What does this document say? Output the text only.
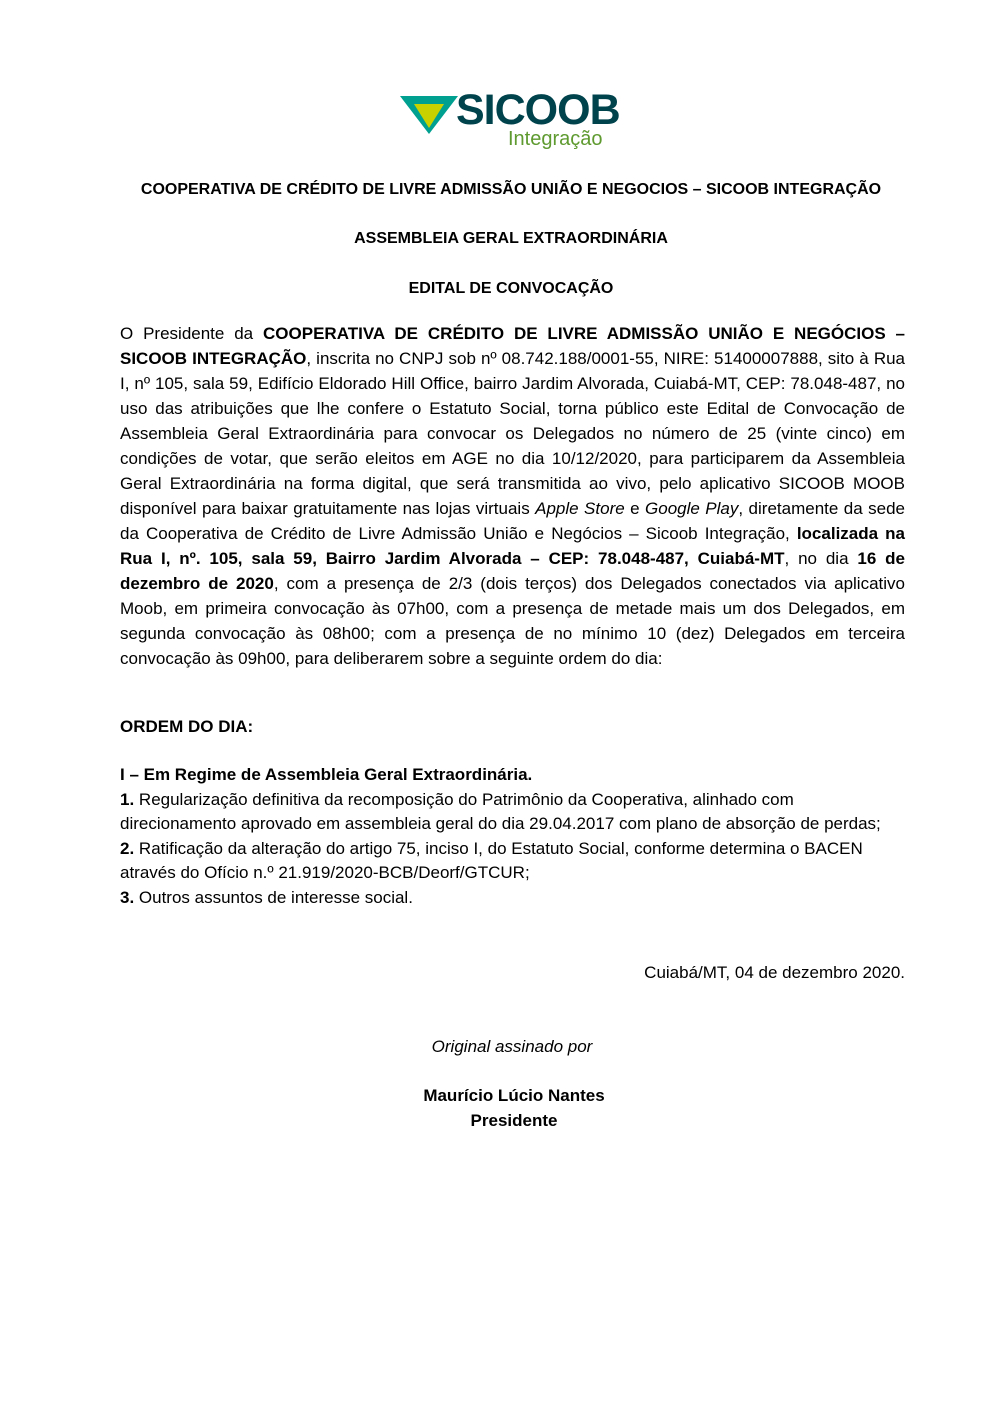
SICOOB
Integração
COOPERATIVA DE CRÉDITO DE LIVRE ADMISSÃO UNIÃO E NEGOCIOS – SICOOB INTEGRAÇÃO
ASSEMBLEIA GERAL EXTRAORDINÁRIA
EDITAL DE CONVOCAÇÃO
O Presidente da COOPERATIVA DE CRÉDITO DE LIVRE ADMISSÃO UNIÃO E NEGÓCIOS – SICOOB INTEGRAÇÃO, inscrita no CNPJ sob nº 08.742.188/0001-55, NIRE: 51400007888, sito à Rua I, nº 105, sala 59, Edifício Eldorado Hill Office, bairro Jardim Alvorada, Cuiabá-MT, CEP: 78.048-487, no uso das atribuições que lhe confere o Estatuto Social, torna público este Edital de Convocação de Assembleia Geral Extraordinária para convocar os Delegados no número de 25 (vinte cinco) em condições de votar, que serão eleitos em AGE no dia 10/12/2020, para participarem da Assembleia Geral Extraordinária na forma digital, que será transmitida ao vivo, pelo aplicativo SICOOB MOOB disponível para baixar gratuitamente nas lojas virtuais Apple Store e Google Play, diretamente da sede da Cooperativa de Crédito de Livre Admissão União e Negócios – Sicoob Integração, localizada na Rua I, nº. 105, sala 59, Bairro Jardim Alvorada – CEP: 78.048-487, Cuiabá-MT, no dia 16 de dezembro de 2020, com a presença de 2/3 (dois terços) dos Delegados conectados via aplicativo Moob, em primeira convocação às 07h00, com a presença de metade mais um dos Delegados, em segunda convocação às 08h00; com a presença de no mínimo 10 (dez) Delegados em terceira convocação às 09h00, para deliberarem sobre a seguinte ordem do dia:
ORDEM DO DIA:
I – Em Regime de Assembleia Geral Extraordinária.
1. Regularização definitiva da recomposição do Patrimônio da Cooperativa, alinhado com direcionamento aprovado em assembleia geral do dia 29.04.2017 com plano de absorção de perdas;
2. Ratificação da alteração do artigo 75, inciso I, do Estatuto Social, conforme determina o BACEN através do Ofício n.º 21.919/2020-BCB/Deorf/GTCUR;
3. Outros assuntos de interesse social.
Cuiabá/MT, 04 de dezembro 2020.
Original assinado por
Maurício Lúcio Nantes
Presidente
